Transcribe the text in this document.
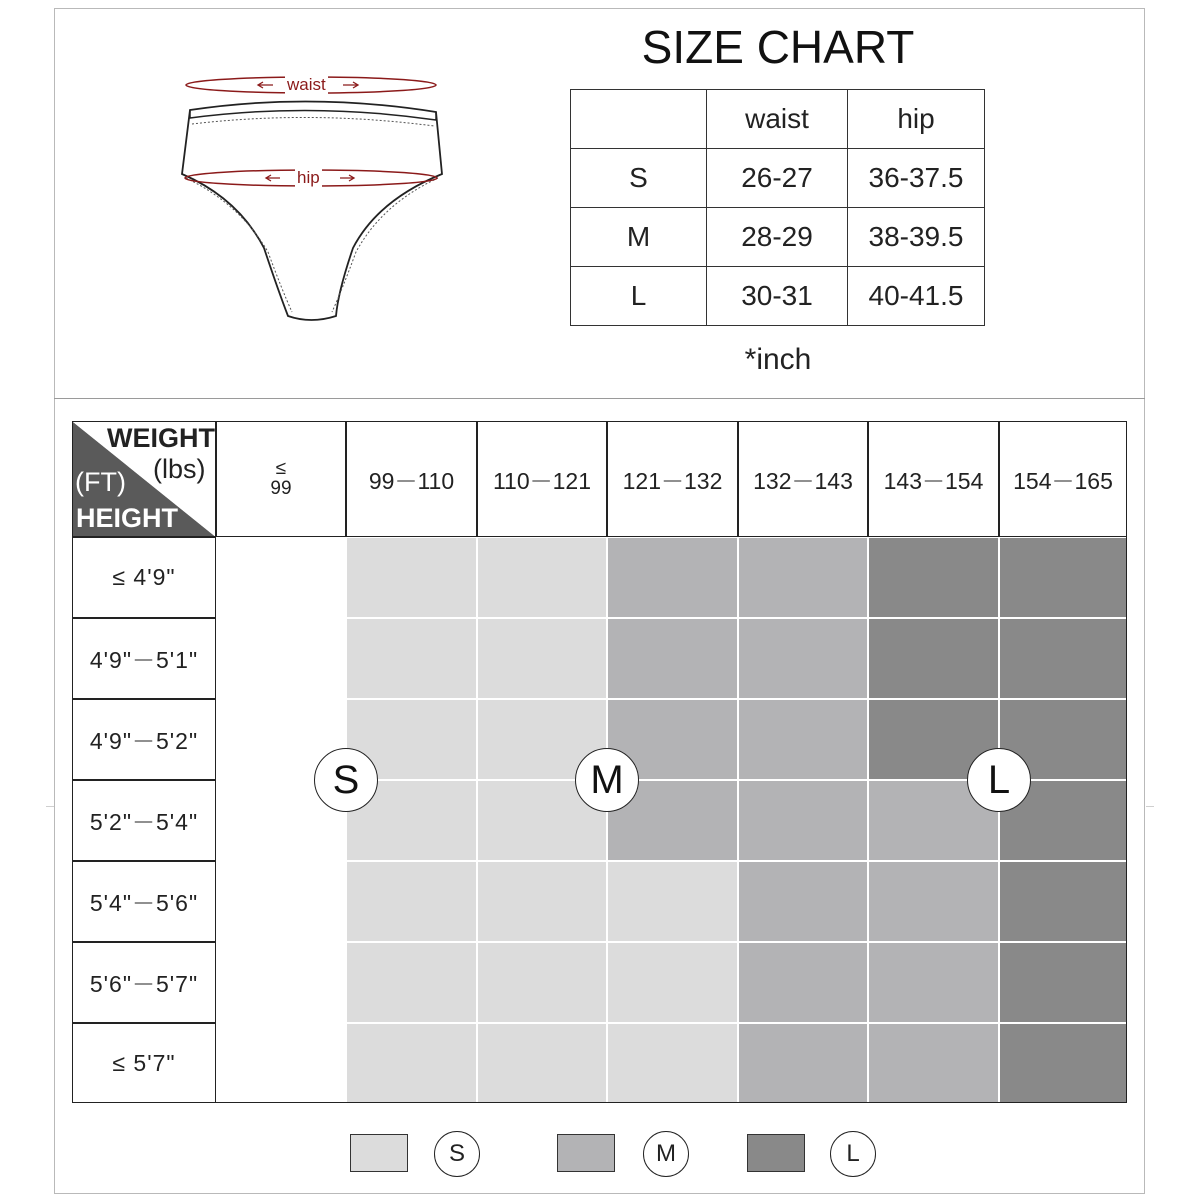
waist
hip
SIZE CHART
	waist	hip
S	26-27	36-37.5
M	28-29	38-39.5
L	30-31	40-41.5
*inch
WEIGHT
(lbs)
(FT)
HEIGHT
≤
99	99－110	110－121	121－132	132－143	143－154	154－165
≤ 4'9"
4'9"－5'1"
4'9"－5'2"
5'2"－5'4"
5'4"－5'6"
5'6"－5'7"
≤ 5'7"
S	M	L
S	M	L
